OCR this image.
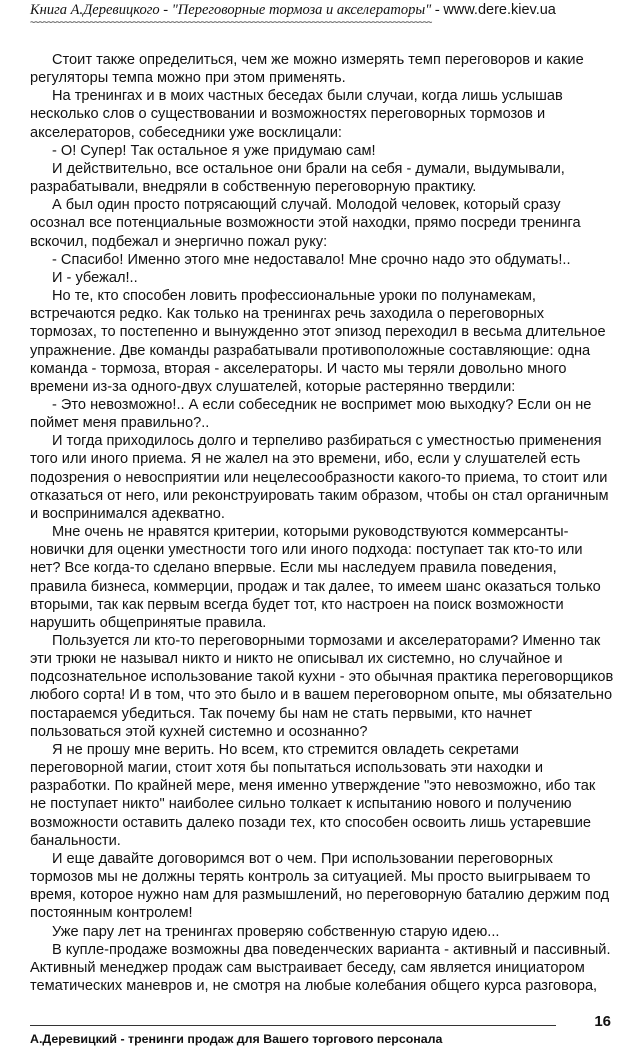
Книга А.Деревицкого - "Переговорные тормоза и акселераторы" - www.dere.kiev.ua
~~~~~~~~~~~~~~~~~~~~~~~~~~~~~~~~~~~~~~~~~~~~~~~~~~~~~~~~~~~~~~~~~~~~~~~~~~~~~~~~~~~~~~~~~~~~~~
Стоит также определиться, чем же можно измерять темп переговоров и какие
регуляторы темпа можно при этом применять.
На тренингах и в моих частных беседах были случаи, когда лишь услышав
несколько слов о существовании и возможностях переговорных тормозов и
акселераторов, собеседники уже восклицали:
- О! Супер! Так остальное я уже придумаю сам!
И действительно, все остальное они брали на себя - думали, выдумывали,
разрабатывали, внедряли в собственную переговорную практику.
А был один просто потрясающий случай. Молодой человек, который сразу
осознал все потенциальные возможности этой находки, прямо посреди тренинга
вскочил, подбежал и энергично пожал руку:
- Спасибо! Именно этого мне недоставало! Мне срочно надо это обдумать!..
И - убежал!..
Но те, кто способен ловить профессиональные уроки по полунамекам,
встречаются редко. Как только на тренингах речь заходила о переговорных
тормозах, то постепенно и вынужденно этот эпизод переходил в весьма длительное
упражнение. Две команды разрабатывали противоположные составляющие: одна
команда - тормоза, вторая - акселераторы. И часто мы теряли довольно много
времени из-за одного-двух слушателей, которые растерянно твердили:
- Это невозможно!.. А если собеседник не воспримет мою выходку? Если он не
поймет меня правильно?..
И тогда приходилось долго и терпеливо разбираться с уместностью применения
того или иного приема. Я не жалел на это времени, ибо, если у слушателей есть
подозрения о невосприятии или нецелесообразности какого-то приема, то стоит или
отказаться от него, или реконструировать таким образом, чтобы он стал органичным
и воспринимался адекватно.
Мне очень не нравятся критерии, которыми руководствуются коммерсанты-
новички для оценки уместности того или иного подхода: поступает так кто-то или
нет? Все когда-то сделано впервые. Если мы наследуем правила поведения,
правила бизнеса, коммерции, продаж и так далее, то имеем шанс оказаться только
вторыми, так как первым всегда будет тот, кто настроен на поиск возможности
нарушить общепринятые правила.
Пользуется ли кто-то переговорными тормозами и акселераторами? Именно так
эти трюки не называл никто и никто не описывал их системно, но случайное и
подсознательное использование такой кухни - это обычная практика переговорщиков
любого сорта! И в том, что это было и в вашем переговорном опыте, мы обязательно
постараемся убедиться. Так почему бы нам не стать первыми, кто начнет
пользоваться этой кухней системно и осознанно?
Я не прошу мне верить. Но всем, кто стремится овладеть секретами
переговорной магии, стоит хотя бы попытаться использовать эти находки и
разработки. По крайней мере, меня именно утверждение "это невозможно, ибо так
не поступает никто" наиболее сильно толкает к испытанию нового и получению
возможности оставить далеко позади тех, кто способен освоить лишь устаревшие
банальности.
И еще давайте договоримся вот о чем. При использовании переговорных
тормозов мы не должны терять контроль за ситуацией. Мы просто выигрываем то
время, которое нужно нам для размышлений, но переговорную баталию держим под
постоянным контролем!
Уже пару лет на тренингах проверяю собственную старую идею...
В купле-продаже возможны два поведенческих варианта - активный и пассивный.
Активный менеджер продаж сам выстраивает беседу, сам является инициатором
тематических маневров и, не смотря на любые колебания общего курса разговора,
16
А.Деревицкий - тренинги продаж для Вашего торгового персонала
